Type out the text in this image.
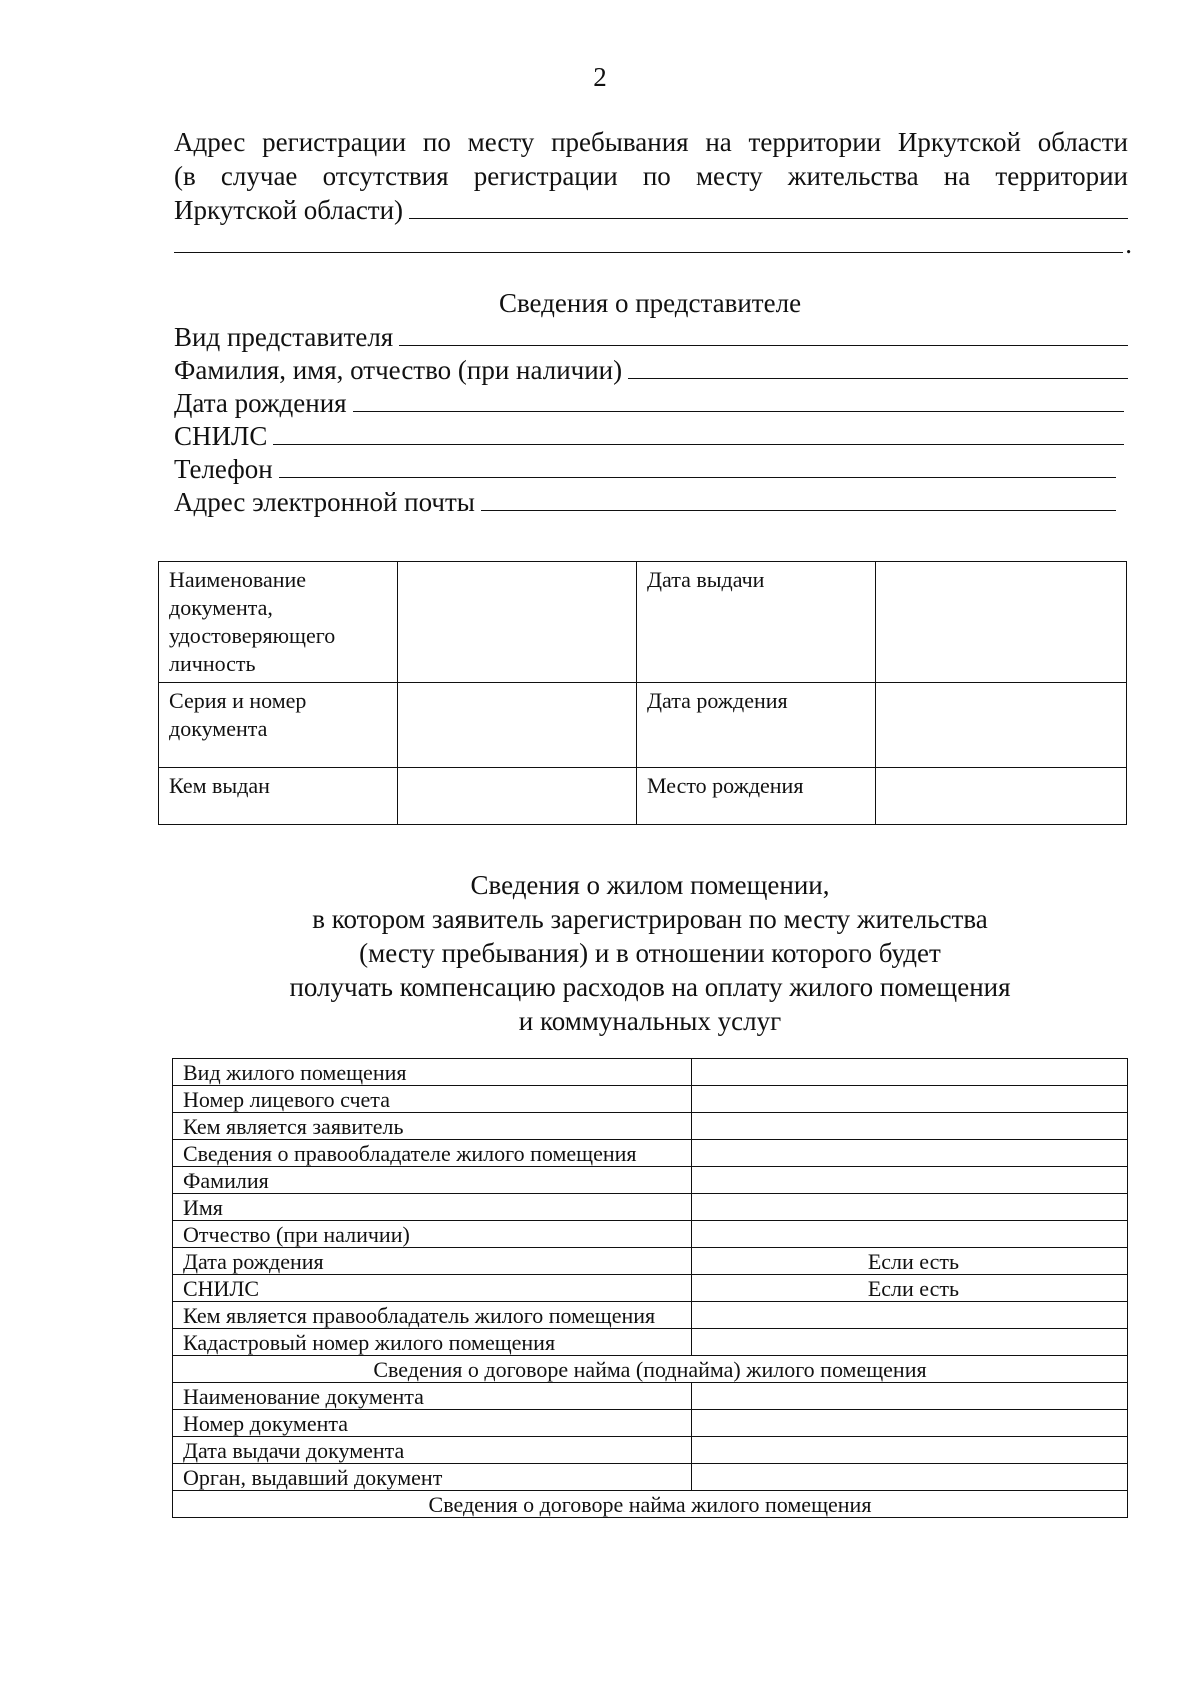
2
Адрес регистрации по месту пребывания на территории Иркутской области
(в случае отсутствия регистрации по месту жительства на территории
Иркутской области)
.
Сведения о представителе
Вид представителя
Фамилия, имя, отчество (при наличии)
Дата рождения
СНИЛС
Телефон
Адрес электронной почты
Наименование документа, удостоверяющего личность		Дата выдачи	
Серия и номер документа		Дата рождения	
Кем выдан		Место рождения	
Сведения о жилом помещении,
в котором заявитель зарегистрирован по месту жительства
(месту пребывания) и в отношении которого будет
получать компенсацию расходов на оплату жилого помещения
и коммунальных услуг
Вид жилого помещения	
Номер лицевого счета	
Кем является заявитель	
Сведения о правообладателе жилого помещения	
Фамилия	
Имя	
Отчество (при наличии)	
Дата рождения	Если есть
СНИЛС	Если есть
Кем является правообладатель жилого помещения	
Кадастровый номер жилого помещения	
Сведения о договоре найма (поднайма) жилого помещения	
Наименование документа	
Номер документа	
Дата выдачи документа	
Орган, выдавший документ	
Сведения о договоре найма жилого помещения	
